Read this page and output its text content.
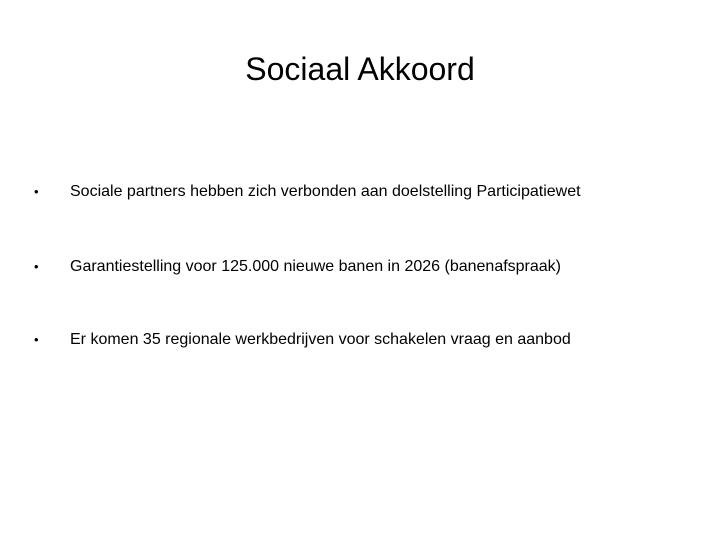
Sociaal Akkoord
• Sociale partners hebben zich verbonden aan doelstelling Participatiewet
• Garantiestelling voor 125.000 nieuwe banen in 2026 (banenafspraak)
• Er komen 35 regionale werkbedrijven voor schakelen vraag en aanbod
